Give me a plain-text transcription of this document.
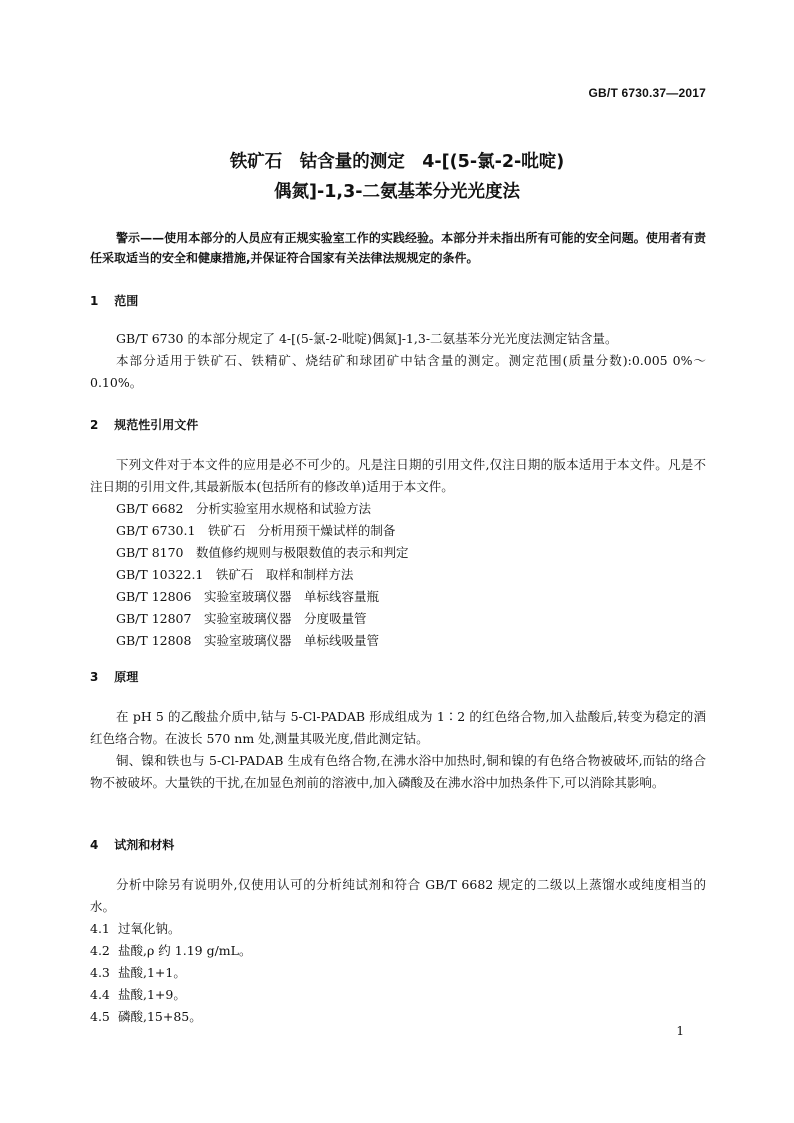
GB/T 6730.37—2017
铁矿石　钴含量的测定　4-[(5-氯-2-吡啶)
偶氮]-1,3-二氨基苯分光光度法
警示——使用本部分的人员应有正规实验室工作的实践经验。本部分并未指出所有可能的安全问题。使用者有责任采取适当的安全和健康措施,并保证符合国家有关法律法规规定的条件。
1 范围

GB/T 6730 的本部分规定了 4-[(5-氯-2-吡啶)偶氮]-1,3-二氨基苯分光光度法测定钴含量。

本部分适用于铁矿石、铁精矿、烧结矿和球团矿中钴含量的测定。测定范围(质量分数):0.005 0%～0.10%。

2 规范性引用文件

下列文件对于本文件的应用是必不可少的。凡是注日期的引用文件,仅注日期的版本适用于本文件。凡是不注日期的引用文件,其最新版本(包括所有的修改单)适用于本文件。

GB/T 6682　分析实验室用水规格和试验方法

GB/T 6730.1　铁矿石　分析用预干燥试样的制备

GB/T 8170　数值修约规则与极限数值的表示和判定

GB/T 10322.1　铁矿石　取样和制样方法

GB/T 12806　实验室玻璃仪器　单标线容量瓶

GB/T 12807　实验室玻璃仪器　分度吸量管

GB/T 12808　实验室玻璃仪器　单标线吸量管

3 原理

在 pH 5 的乙酸盐介质中,钴与 5-Cl-PADAB 形成组成为 1∶2 的红色络合物,加入盐酸后,转变为稳定的酒红色络合物。在波长 570 nm 处,测量其吸光度,借此测定钴。

铜、镍和铁也与 5-Cl-PADAB 生成有色络合物,在沸水浴中加热时,铜和镍的有色络合物被破坏,而钴的络合物不被破坏。大量铁的干扰,在加显色剂前的溶液中,加入磷酸及在沸水浴中加热条件下,可以消除其影响。

4 试剂和材料

分析中除另有说明外,仅使用认可的分析纯试剂和符合 GB/T 6682 规定的二级以上蒸馏水或纯度相当的水。

4.1 过氧化钠。

4.2 盐酸,ρ 约 1.19 g/mL。

4.3 盐酸,1+1。

4.4 盐酸,1+9。

4.5 磷酸,15+85。

1
